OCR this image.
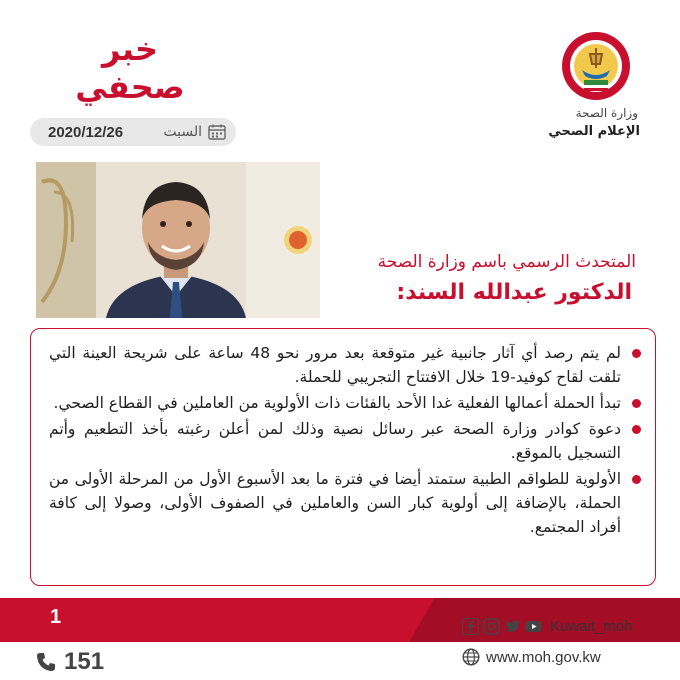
خبر
صحفي
2020/12/26	السبت
وزارة الصحة
الإعلام الصحي
المتحدث الرسمي باسم وزارة الصحة
الدكتور عبدالله السند:
لم يتم رصد أي آثار جانبية غير متوقعة بعد مرور نحو 48 ساعة على شريحة العينة التي تلقت لقاح كوفيد-19 خلال الافتتاح التجريبي للحملة.
تبدأ الحملة أعمالها الفعلية غدا الأحد بالفئات ذات الأولوية من العاملين في القطاع الصحي.
دعوة كوادر وزارة الصحة عبر رسائل نصية وذلك لمن أعلن رغبته بأخذ التطعيم وأتم التسجيل بالموقع.
الأولوية للطواقم الطبية ستمتد أيضا في فترة ما بعد الأسبوع الأول من المرحلة الأولى من الحملة، بالإضافة إلى أولوية كبار السن والعاملين في الصفوف الأولى، وصولا إلى كافة أفراد المجتمع.
1
151
Kuwait_moh
www.moh.gov.kw
